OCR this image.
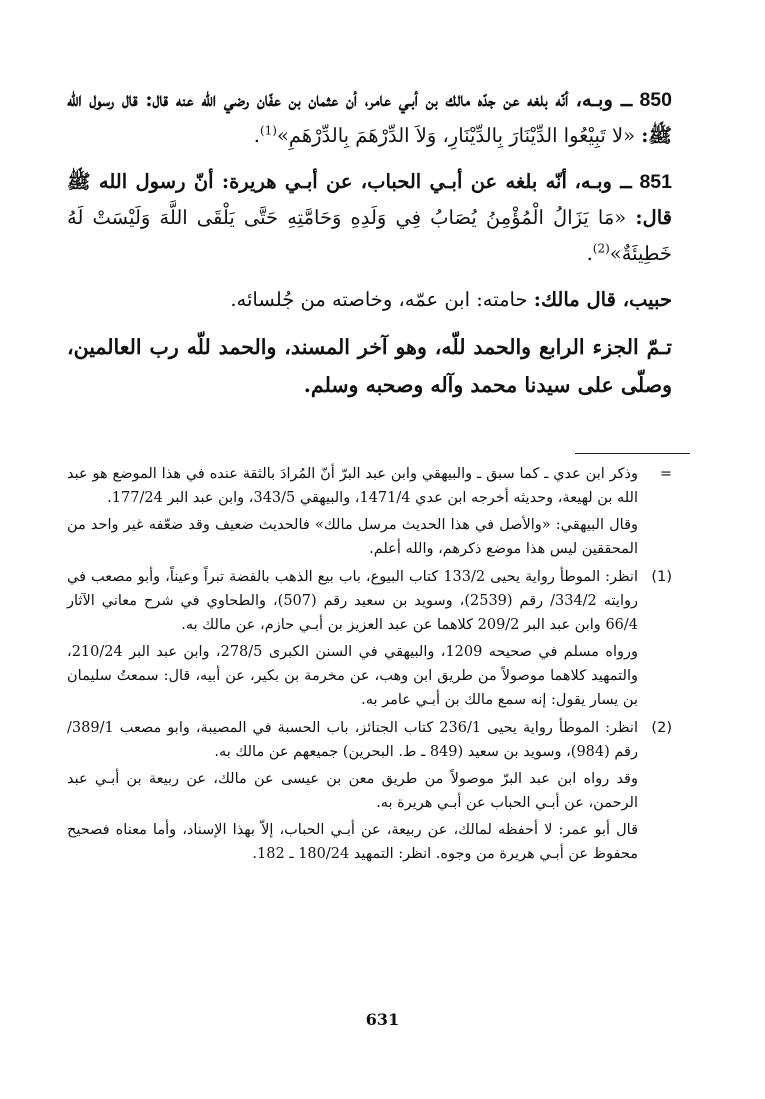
850 ــ وبـه، أنّه بلغه عن جدّه مالك بن أبـي عامر، أن عثمان بن عفّان رضي الله عنه قال: قال رسول الله ﷺ: «لا تَبِيْعُوا الدِّيْنَارَ بِالدِّيْنَارِ، وَلاَ الدِّرْهَمَ بِالدِّرْهَمِ»$^{(1)}$.

851 ــ وبـه، أنّه بلغه عن أبـي الحباب، عن أبـي هريرة: أنّ رسول الله ﷺ قال: «مَا يَزَالُ الْمُؤْمِنُ يُصَابُ فِي وَلَدِهِ وَحَامَّتِهِ حَتَّى يَلْقَى اللَّهَ وَلَيْسَتْ لَهُ خَطِيئَةٌ»$^{(2)}$.

حبيب، قال مالك: حامته: ابن عمّه، وخاصته من جُلسائه.

تـمّ الجزء الرابع والحمد للّه، وهو آخر المسند، والحمد للّه رب العالمين، وصلّى على سيدنا محمد وآله وصحبه وسلم.

=

وذكر ابن عدي ـ كما سبق ـ والبيهقي وابن عبد البرّ أنّ المُرادَ بالثقة عنده في هذا الموضع هو عبد الله بن لهيعة، وحديثه أخرجه ابن عدي 1471/4، والبيهقي 343/5، وابن عبد البر 177/24.

وقال البيهقي: «والأصل في هذا الحديث مرسل مالك» فالحديث ضعيف وقد ضعّفه غير واحد من المحققين ليس هذا موضع ذكرهم، والله أعلم.

(1)

انظر: الموطأ رواية يحيى 133/2 كتاب البيوع، باب بيع الذهب بالفضة تبراً وعيناً، وأبو مصعب في روايته 334/2/ رقم (2539)، وسويد بن سعيد رقم (507)، والطحاوي في شرح معاني الآثار 66/4 وابن عبد البر 209/2 كلاهما عن عبد العزيز بن أبـي حازم، عن مالك به.

ورواه مسلم في صحيحه 1209، والبيهقي في السنن الكبرى 278/5، وابن عبد البر 210/24، والتمهيد كلاهما موصولاً من طريق ابن وهب، عن مخرمة بن بكير، عن أبيه، قال: سمعتُ سليمان بن يسار يقول: إنه سمع مالك بن أبـي عامر به.

(2)

انظر: الموطأ رواية يحيى 236/1 كتاب الجنائز، باب الحسبة في المصيبة، وابو مصعب 389/1/ رقم (984)، وسويد بن سعيد (849 ـ ط. البحرين) جميعهم عن مالك به.

وقد رواه ابن عبد البرّ موصولاً من طريق معن بن عيسى عن مالك، عن ربيعة بن أبـي عبد الرحمن، عن أبـي الحباب عن أبـي هريرة به.

قال أبو عمر: لا أحفظه لمالك، عن ربيعة، عن أبـي الحباب، إلاّ بهذا الإسناد، وأما معناه فصحيح محفوظ عن أبـي هريرة من وجوه. انظر: التمهيد 180/24 ـ 182.

631
